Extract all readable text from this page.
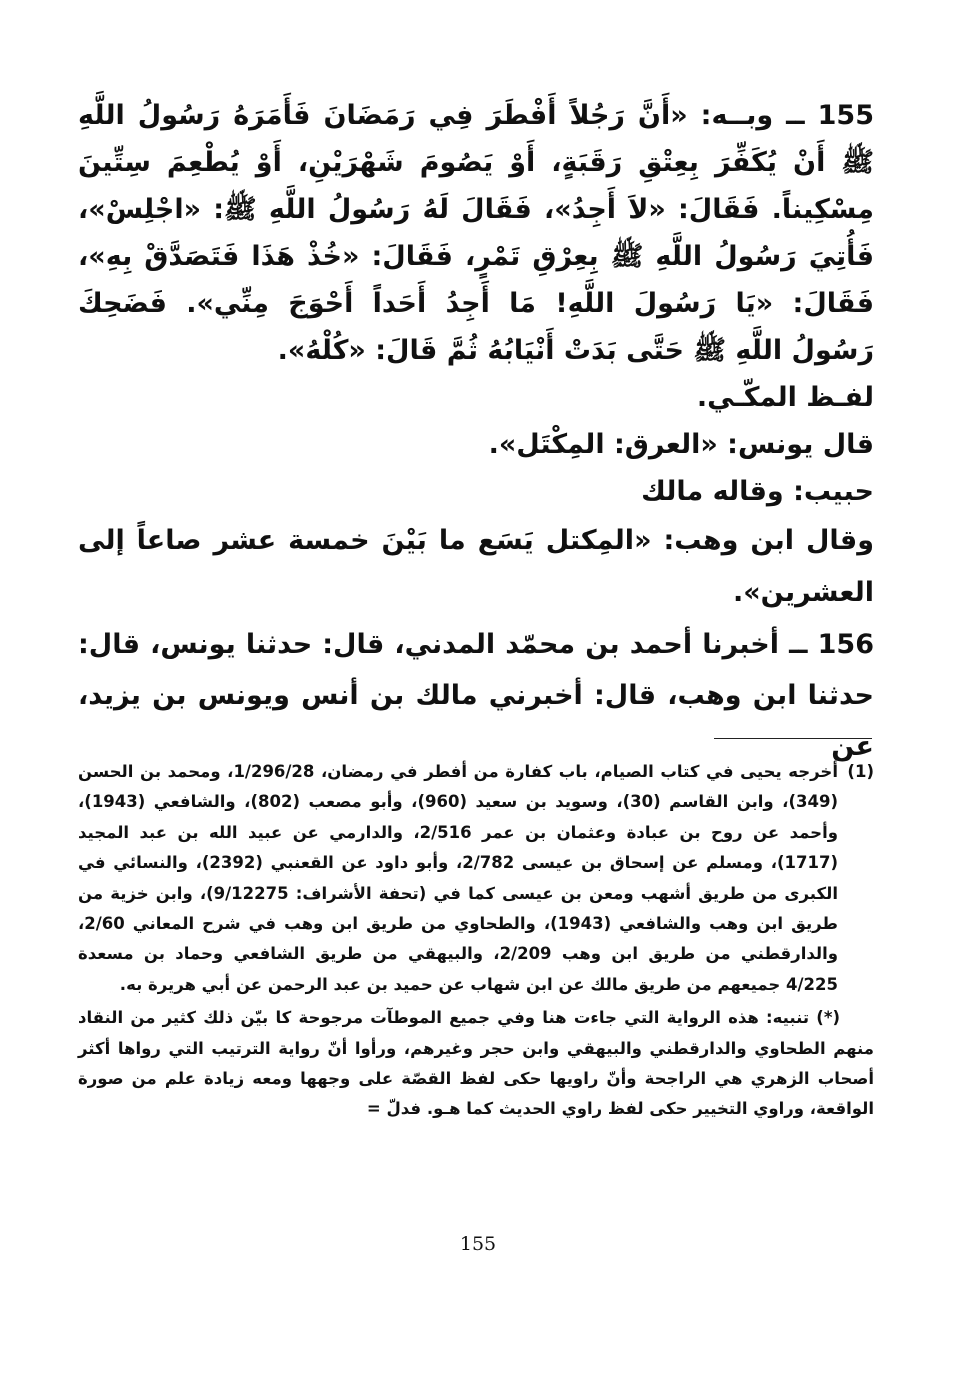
155 ــ وبــه: «أَنَّ رَجُلاً أَفْطَرَ فِي رَمَضَانَ فَأَمَرَهُ رَسُولُ اللَّهِ ﷺ أَنْ يُكَفِّرَ بِعِتْقِ رَقَبَةٍ، أَوْ يَصُومَ شَهْرَيْنِ، أَوْ يُطْعِمَ سِتِّينَ مِسْكِيناً. فَقَالَ: «لاَ أَجِدُ»، فَقَالَ لَهُ رَسُولُ اللَّهِ ﷺ: «اجْلِسْ»، فَأُتِيَ رَسُولُ اللَّهِ ﷺ بِعِرْقِ تَمْرٍ، فَقَالَ: «خُذْ هَذَا فَتَصَدَّقْ بِهِ»، فَقَالَ: «يَا رَسُولَ اللَّهِ! مَا أَجِدُ أَحَداً أَحْوَجَ مِنِّي». فَضَحِكَ رَسُولُ اللَّهِ ﷺ حَتَّى بَدَتْ أَنْيَابُهُ ثُمَّ قَالَ: «كُلْهُ».

لفـظ المكّـي.

قال يونس: «العرق: المِكْتَل».

حبيب: وقاله مالك

وقال ابن وهب: «المِكتل يَسَع ما بَيْنَ خمسة عشر صاعاً إلى العشرين».

156 ــ أخبرنا أحمد بن محمّد المدني، قال: حدثنا يونس، قال: حدثنا ابن وهب، قال: أخبرني مالك بن أنس ويونس بن يزيد، عن

(1)
أخرجه يحيى في كتاب الصيام، باب كفارة من أفطر في رمضان، 1/296/28، ومحمد بن الحسن (349)، وابن القاسم (30)، وسويد بن سعيد (960)، وأبو مصعب (802)، والشافعي (1943)، وأحمد عن روح بن عبادة وعثمان بن عمر 2/516، والدارمي عن عبيد الله بن عبد المجيد (1717)، ومسلم عن إسحاق بن عيسى 2/782، وأبو داود عن القعنبي (2392)، والنسائي في الكبرى من طريق أشهب ومعن بن عيسى كما في (تحفة الأشراف: 9/12275)، وابن خزية من طريق ابن وهب والشافعي (1943)، والطحاوي من طريق ابن وهب في شرح المعاني 2/60، والدارقطني من طريق ابن وهب 2/209، والبيهقي من طريق الشافعي وحماد بن مسعدة 4/225 جميعهم من طريق مالك عن ابن شهاب عن حميد بن عبد الرحمن عن أبي هريرة به.

(*) تنبيه: هذه الرواية التي جاءت هنا وفي جميع الموطآت مرجوحة كا بيّن ذلك كثير من النقاد منهم الطحاوي والدارقطني والبيهقي وابن حجر وغيرهم، ورأوا أنّ رواية الترتيب التي رواها أكثر أصحاب الزهري هي الراجحة وأنّ راويها حكى لفظ القصّة على وجهها ومعه زيادة علم من صورة الواقعة، وراوي التخيير حكى لفظ راوي الحديث كما هـو. فدلّ =

155
